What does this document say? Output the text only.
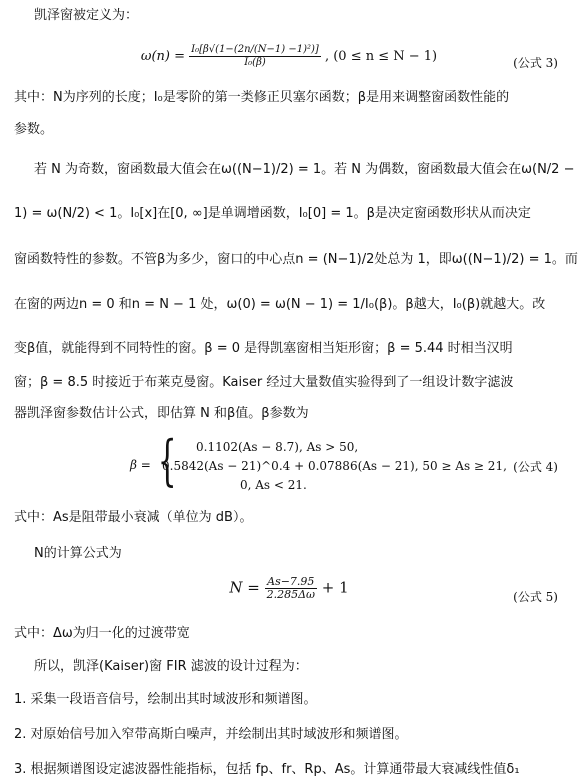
凯泽窗被定义为：
$\omega(n) = \frac{\text{I₀[β√(1−(2n/(N−1) −1)²)]}}{\text{I₀(β)}}$ , (0 ≤ n ≤ N − 1)	(公式 3)
其中：N为序列的长度；I₀是零阶的第一类修正贝塞尔函数；β是用来调整窗函数性能的
参数。
若 N 为奇数，窗函数最大值会在ω((N−1)/2) = 1。若 N 为偶数，窗函数最大值会在ω(N/2 −
1) = ω(N/2) < 1。I₀[x]在[0, ∞]是单调增函数，I₀[0] = 1。β是决定窗函数形状从而决定
窗函数特性的参数。不管β为多少，窗口的中心点n = (N−1)/2处总为 1，即ω((N−1)/2) = 1。而
在窗的两边n = 0 和n = N − 1 处，ω(0) = ω(N − 1) = 1/I₀(β)。β越大，I₀(β)就越大。改
变β值，就能得到不同特性的窗。β = 0 是得凯塞窗相当矩形窗；β = 5.44 时相当汉明
窗；β = 8.5 时接近于布莱克曼窗。Kaiser 经过大量数值实验得到了一组设计数字滤波
器凯泽窗参数估计公式，即估算 N 和β值。β参数为
β = { 0.1102(As − 8.7), As > 50,
0.5842(As − 21)^0.4 + 0.07886(As − 21), 50 ≥ As ≥ 21,
0, As < 21.
(公式 4)
式中：As是阻带最小衰减（单位为 dB）。
N的计算公式为
$N = \frac{As-7.95}{2.285\Delta\omega} + 1$
(公式 5)
式中：Δω为归一化的过渡带宽
所以，凯泽(Kaiser)窗 FIR 滤波的设计过程为：
1. 采集一段语音信号，绘制出其时域波形和频谱图。
2. 对原始信号加入窄带高斯白噪声，并绘制出其时域波形和频谱图。
3. 根据频谱图设定滤波器性能指标，包括 fp、fr、Rp、As。计算通带最大衰减线性值δ₁
